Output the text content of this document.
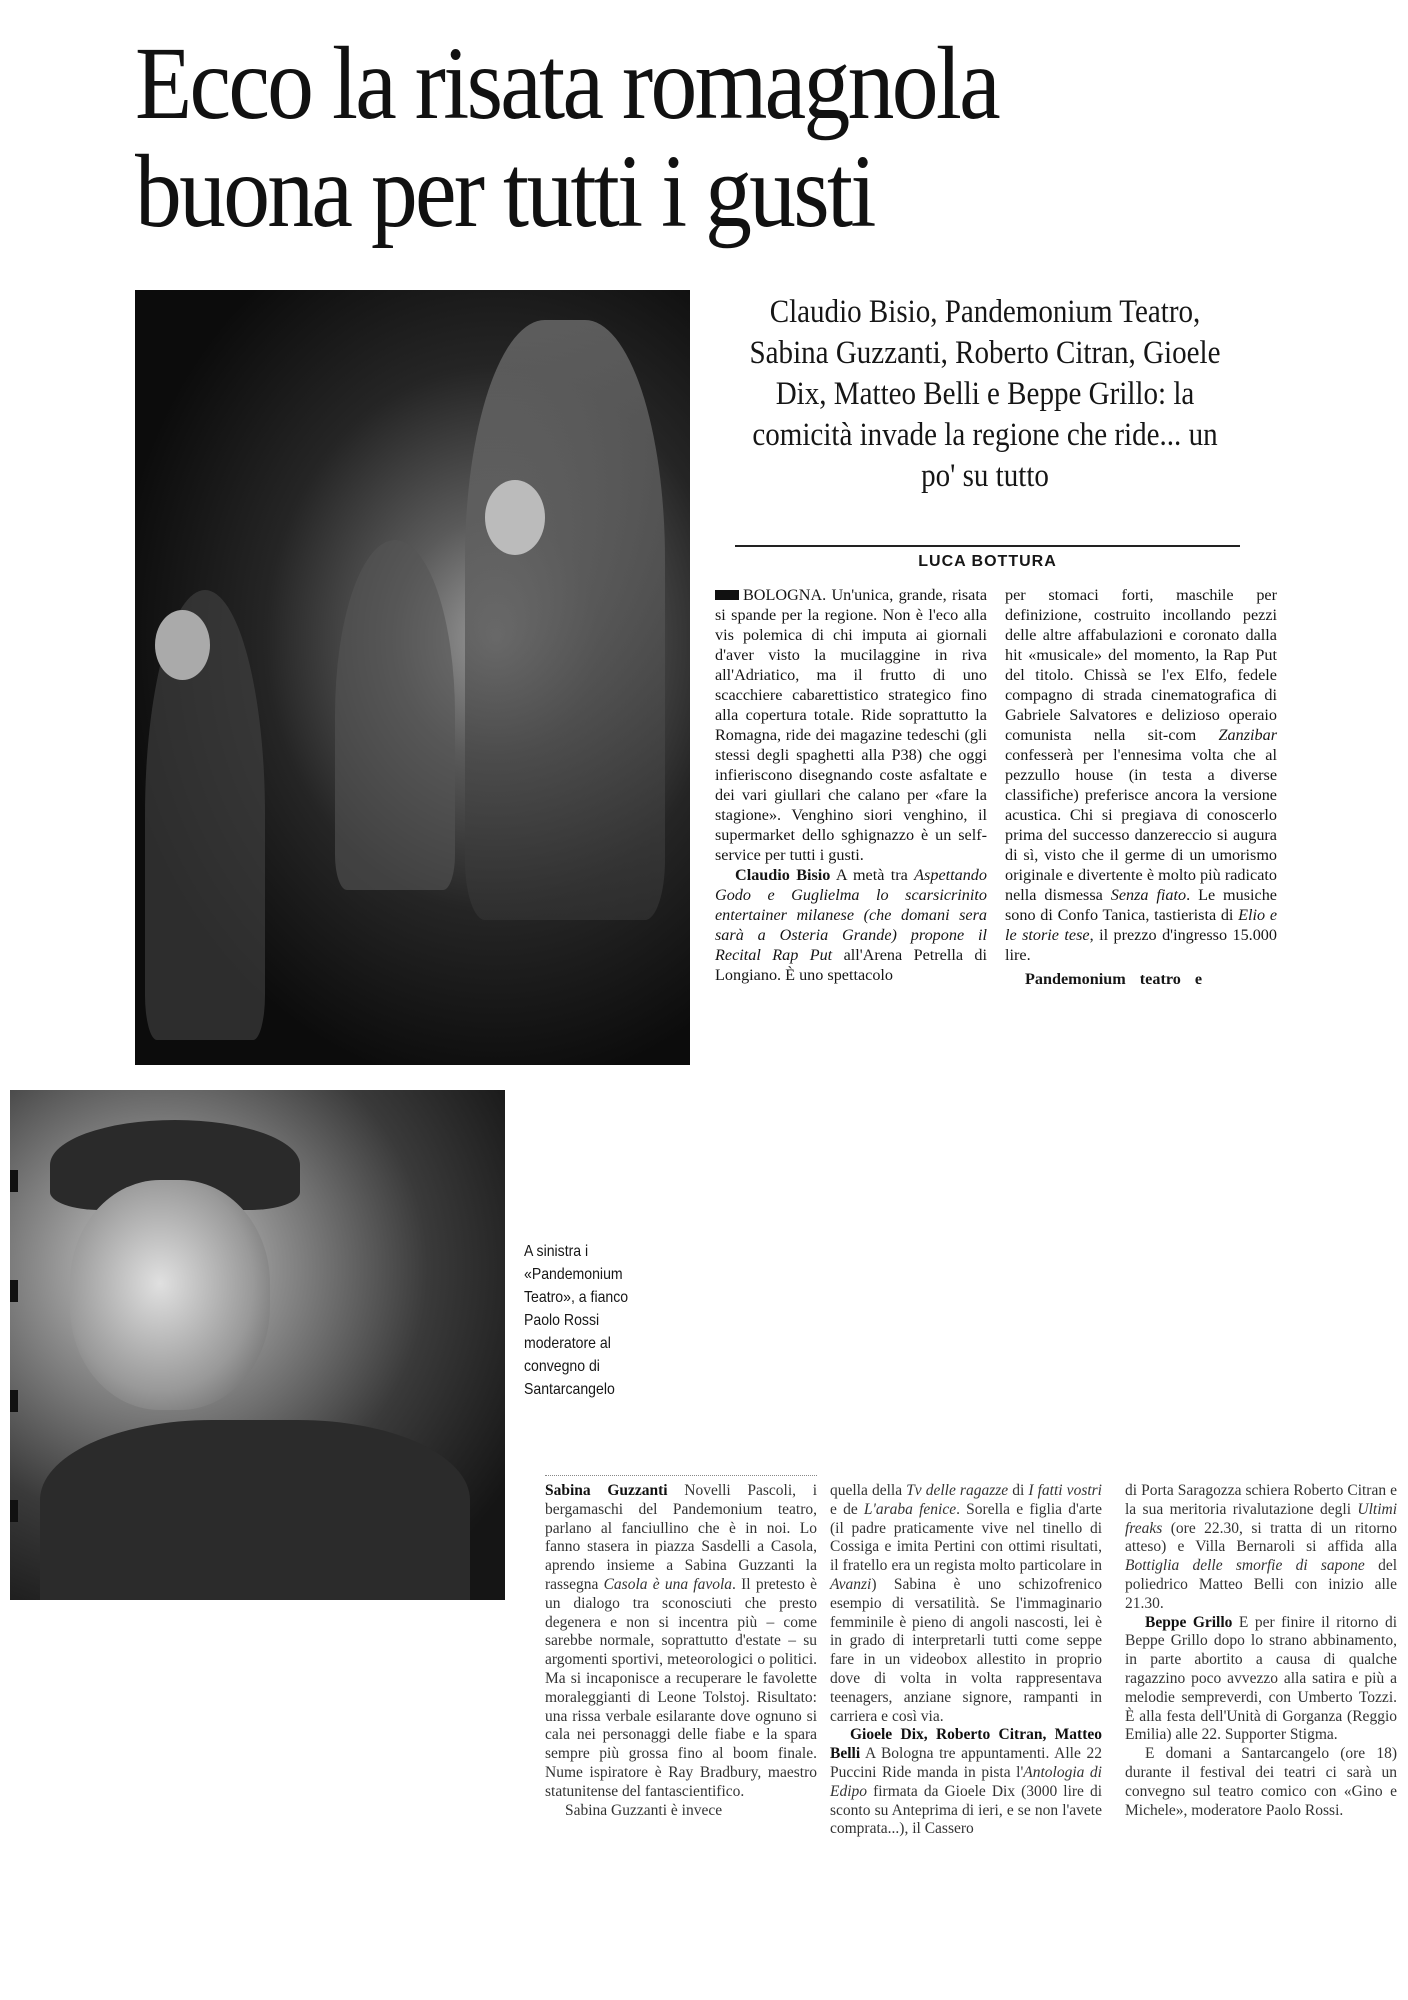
Ecco la risata romagnola
buona per tutti i gusti
Claudio Bisio, Pandemonium Teatro, Sabina Guzzanti, Roberto Citran, Gioele Dix, Matteo Belli e Beppe Grillo: la comicità invade la regione che ride... un po' su tutto
LUCA BOTTURA

BOLOGNA. Un'unica, grande, risata si spande per la regione. Non è l'eco alla vis polemica di chi imputa ai giornali d'aver visto la mucilaggine in riva all'Adriatico, ma il frutto di uno scacchiere cabarettistico strategico fino alla copertura totale. Ride soprattutto la Romagna, ride dei magazine tedeschi (gli stessi degli spaghetti alla P38) che oggi infieriscono disegnando coste asfaltate e dei vari giullari che calano per «fare la stagione». Venghino siori venghino, il supermarket dello sghignazzo è un self-service per tutti i gusti.

Claudio Bisio A metà tra Aspettando Godo e Guglielma lo scarsicrinito entertainer milanese (che domani sera sarà a Osteria Grande) propone il Recital Rap Put all'Arena Petrella di Longiano. È uno spettacolo

per stomaci forti, maschile per definizione, costruito incollando pezzi delle altre affabulazioni e coronato dalla hit «musicale» del momento, la Rap Put del titolo. Chissà se l'ex Elfo, fedele compagno di strada cinematografica di Gabriele Salvatores e delizioso operaio comunista nella sit-com Zanzibar confesserà per l'ennesima volta che al pezzullo house (in testa a diverse classifiche) preferisce ancora la versione acustica. Chi si pregiava di conoscerlo prima del successo danzereccio si augura di sì, visto che il germe di un umorismo originale e divertente è molto più radicato nella dismessa Senza fiato. Le musiche sono di Confo Tanica, tastierista di Elio e le storie tese, il prezzo d'ingresso 15.000 lire.

Pandemonium teatro e

A sinistra i «Pandemonium Teatro», a fianco Paolo Rossi moderatore al convegno di Santarcangelo

Sabina Guzzanti Novelli Pascoli, i bergamaschi del Pandemonium teatro, parlano al fanciullino che è in noi. Lo fanno stasera in piazza Sasdelli a Casola, aprendo insieme a Sabina Guzzanti la rassegna Casola è una favola. Il pretesto è un dialogo tra sconosciuti che presto degenera e non si incentra più – come sarebbe normale, soprattutto d'estate – su argomenti sportivi, meteorologici o politici. Ma si incaponisce a recuperare le favolette moraleggianti di Leone Tolstoj. Risultato: una rissa verbale esilarante dove ognuno si cala nei personaggi delle fiabe e la spara sempre più grossa fino al boom finale. Nume ispiratore è Ray Bradbury, maestro statunitense del fantascientifico.

Sabina Guzzanti è invece

quella della Tv delle ragazze di I fatti vostri e de L'araba fenice. Sorella e figlia d'arte (il padre praticamente vive nel tinello di Cossiga e imita Pertini con ottimi risultati, il fratello era un regista molto particolare in Avanzi) Sabina è uno schizofrenico esempio di versatilità. Se l'immaginario femminile è pieno di angoli nascosti, lei è in grado di interpretarli tutti come seppe fare in un videobox allestito in proprio dove di volta in volta rappresentava teenagers, anziane signore, rampanti in carriera e così via.

Gioele Dix, Roberto Citran, Matteo Belli A Bologna tre appuntamenti. Alle 22 Puccini Ride manda in pista l'Antologia di Edipo firmata da Gioele Dix (3000 lire di sconto su Anteprima di ieri, e se non l'avete comprata...), il Cassero

di Porta Saragozza schiera Roberto Citran e la sua meritoria rivalutazione degli Ultimi freaks (ore 22.30, si tratta di un ritorno atteso) e Villa Bernaroli si affida alla Bottiglia delle smorfie di sapone del poliedrico Matteo Belli con inizio alle 21.30.

Beppe Grillo E per finire il ritorno di Beppe Grillo dopo lo strano abbinamento, in parte abortito a causa di qualche ragazzino poco avvezzo alla satira e più a melodie sempreverdi, con Umberto Tozzi. È alla festa dell'Unità di Gorganza (Reggio Emilia) alle 22. Supporter Stigma.

E domani a Santarcangelo (ore 18) durante il festival dei teatri ci sarà un convegno sul teatro comico con «Gino e Michele», moderatore Paolo Rossi.
